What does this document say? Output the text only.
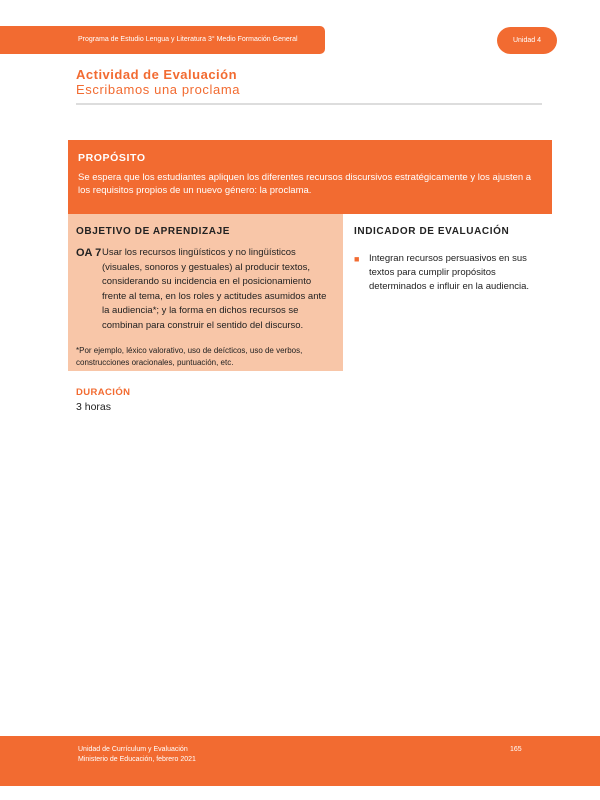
Programa de Estudio Lengua y Literatura 3° Medio Formación General	Unidad 4
Actividad de Evaluación
Escribamos una proclama
PROPÓSITO
Se espera que los estudiantes apliquen los diferentes recursos discursivos estratégicamente y los ajusten a los requisitos propios de un nuevo género: la proclama.
OBJETIVO DE APRENDIZAJE
OA 7 Usar los recursos lingüísticos y no lingüísticos (visuales, sonoros y gestuales) al producir textos, considerando su incidencia en el posicionamiento frente al tema, en los roles y actitudes asumidos ante la audiencia*; y la forma en dichos recursos se combinan para construir el sentido del discurso.
*Por ejemplo, léxico valorativo, uso de deícticos, uso de verbos, construcciones oracionales, puntuación, etc.
INDICADOR DE EVALUACIÓN
■	Integran recursos persuasivos en sus textos para cumplir propósitos determinados e influir en la audiencia.
DURACIÓN
3 horas
Unidad de Currículum y Evaluación
Ministerio de Educación, febrero 2021
165
